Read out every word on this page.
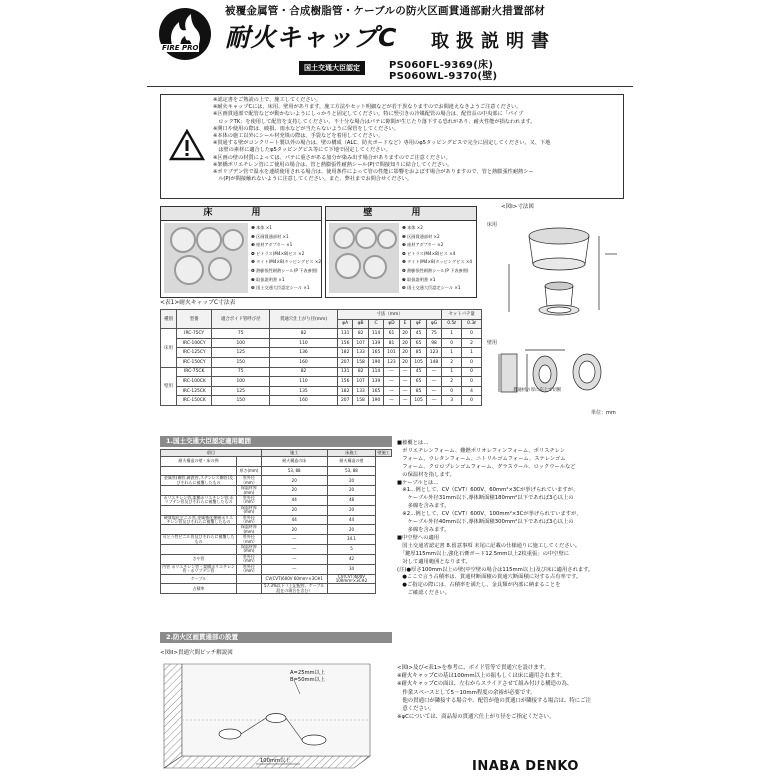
FIRE PRO
被覆金属管・合成樹脂管・ケーブルの防火区画貫通部耐火措置部材
耐火キャップC 取扱説明書
国土交通大臣認定	PS060FL-9369(床)
PS060WL-9370(壁)
※認定書をご熟読の上で、施工してください。
※耐火キャップCには、床用、壁用があります。施工方法やセット明細などが若干異なりますのでお間違えなきようご注意ください。
※区画貫通部で配管などが動かないようにしっかりと固定してください。特に竪引きの冷媒配管の場合は、配管長の中央部に「パイプ
　ロックTK」を使用して配管を支持してください。不十分な場合はパテに隙間が生じたり落下する恐れがあり、耐火性能が損なわれます。
※開口や使用の際は、破損、雨水などが当たらないように保管をしてください。
※本体の施工以外にシール材充填の際は、手袋などを着用してください。
※貫通する壁がコンクリート製以外の場合は、壁の構成（ALC、防火ボードなど）専用のφ5タッピングビスで完全に固定してください。又、下地
　は壁の素材に適合したφ5タッピングビス等にて下地で固定してください。
※区画の壁の材質によっては、パテに重さがある加分が染み出す場合がありますのでご注意ください。
※架橋ポリエチレン管にご使用の場合は、管と熱膨張性耐熱シール(P)で間接知りに結合してください。
※ポリブデン管で温水を連続使用される場合は、使用条件によって管の性能に影響をおよぼす場合がありますので、管と熱膨張性耐熱シー
　ル(P)が間接触れないように注意してください。また、弊社までお問合せください。
床 用
❶ 本体 ×1
❷ 区画貫通部材 ×1
❸ 座材アダプター ×1
❹ ビトラス(M4×8)ビス ×2
❺ タイト(M4×8)タッピングビス ×2
❻ 熱膨張性耐熱シール(P 下表参照)
❼ 取扱説明書 ×1
❽ 国土交通大臣認定シール ×1
壁 用
❶ 本体 ×2
❷ 区画貫通部材 ×2
❸ 座材アダプター ×2
❹ ビトラス(M4×8)ビス ×4
❺ タイト(M4×8)タッピングビス ×4
❻ 熱膨張性耐熱シール(P 下表参照)
❼ 取扱説明書 ×1
❽ 国土交通大臣認定シール ×1
<図I>寸法図
床用
壁用
貫通材の厚に応じて切断
単位：mm
<表1>耐火キャップC寸法表
種別	型番	適合ボイド管呼び径	貫通穴仕上がり径(mm)	寸法（mm）							セットパテ量	
				φA	φB	C	φD	E	φF	φG	0.5ℓ	0.3ℓ
床用	IRC-75CY	75	82	131	82	114	61	20	45	75	1	0
	IRC-100CY	100	110	156	107	139	81	20	65	98	0	2
	IRC-125CY	125	136	182	133	165	101	20	85	123	1	1
	IRC-150CY	150	160	207	158	190	123	20	105	148	2	0
壁用	IRC-75CK	75	82	131	82	114	―	―	45	―	1	0
	IRC-100CK	100	110	156	107	139	―	―	65	―	2	0
	IRC-125CK	125	135	182	133	165	―	―	85	―	0	4
	IRC-150CK	150	160	207	158	190	―	―	105	―	3	0
1.国土交通大臣認定適用範囲
項目		施工	床施工	壁施工
耐火構造の壁・床の例		耐火構造の床	耐火構造の壁	
	厚さ(mm)	53, 88	53, 88	
金属管(鋼管,鋳鉄管,ステンレス鋼管)及びそれらに被覆したもの	管外径（mm）	20	20	
	保温材厚(mm)	20	20	
ポリエチレン管,架橋ポリエチレン管,ポリブテン管及びそれらに被覆したもの	管外径（mm）	44	48	
	保温材厚(mm)	20	20	
硬質塩化ビニル管,金属強化複層ポリエチレン管及びそれらに被覆したもの	管外径（mm）	44	44	
	保温材厚(mm)	20	20	
可とう性ビニル管及びそれらに被覆したもの	管外径（mm）	―	34.1	
	保温材厚(mm)	―	5	
さや管	管外径（mm）	―	42	
内管 ポリエチレン管・架橋ポリエチレン管・ポリブデン管	管外径（mm）	―	34	
ケーブル		CV(CVT)600V 60mm²×3C※1	CV(CVT)600V 100mm²×3C※2	
占積率		57.3%以下（上記配管、ケーブル混在の場合を含む）		
■被覆とは…
　ポリエチレンフォーム、難燃ポリオレフィンフォーム、ポリスチレン
　フォーム、ウレタンフォーム、ニトリルゴムフォーム、ステレンゴム
　フォーム、クロロプレンゴムフォーム、グラスウール、ロックウールなど
　の保温材を指します。
■ケーブルとは…
　※1…例として、CV（CVT）600V、60mm²×3Cが挙げられていますが、
　　ケーブル外径31mm以下,導体断面積180mm²以下であれば3心以上の
　　多線を含みます。
　※2…例として、CV（CVT）600V、100mm²×3Cが挙げられていますが、
　　ケーブル外径40mm以下,導体断面積300mm²以下であれば3心以上の
　　多線を含みます。
■中空壁への適用
　国土交通省認定書 8.留意事項 末尾に記載の仕様通りに施工してください。
　「鍵厚115mm以上,強化石膏ボード12.5mm以上2枚重張」の中空壁に
　対して適用範囲となります。
(注)●厚さ100mm以上の壁(中空壁の場合は115mm以上)及び床に適用されます。
　●ここで言う占積率は、貫通材断面積の貫通穴断面積に対する占有率です。
　●ご指定の際には、占積率を満たし、金具類が内部に納まることを
　　ご確認ください。
2.防火区画貫通部の設置
<図II>貫通穴間ピッチ解説図
A=25mm以上
B=50mm以上
100mm以上
<図I>及び<表1>を参考に、ボイド管等で貫通穴を設けます。
※耐火キャップCの基は100mm以上の振もしくは床に適用されます。
※耐火キャップCの面は、左右からスライドさせて組み付ける構造の為、
　作業スペースとして5～10mm程度の余裕が必要です。
　他の貫通口が隣接する場合や、配管が他の貫通口が隣接する場合は、特にご注
　意ください。
※φCについては、商品毎の貫通穴仕上がり径をご指定ください。
INABA DENKO
